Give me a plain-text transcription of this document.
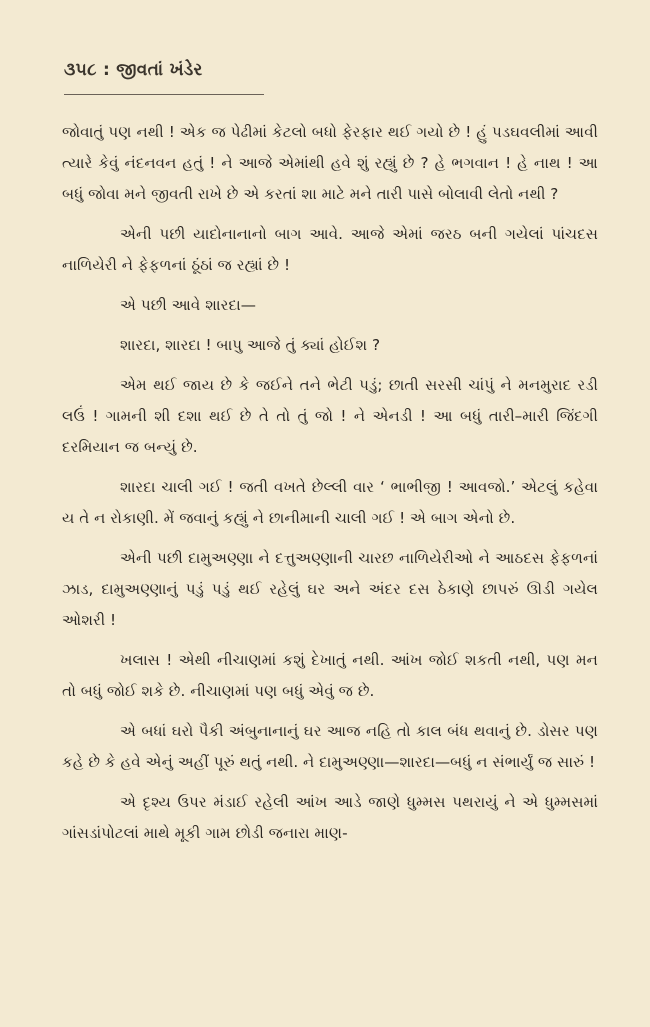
૩૫૮ : જીવતાં ખંડેર

જોવાતું પણ નથી ! એક જ પેઢીમાં કેટલો બધો ફેરફાર થઈ ગયો છે ! હું પડઘવલીમાં આવી ત્યારે કેવું નંદનવન હતું ! ને આજે એમાંથી હવે શું રહ્યું છે ? હે ભગવાન ! હે નાથ ! આ બધું જોવા મને જીવતી રાખે છે એ કરતાં શા માટે મને તારી પાસે બોલાવી લેતો નથી ?

એની પછી યાદોનાનાનો બાગ આવે. આજે એમાં જરઠ બની ગયેલાં પાંચદસ નાળિયેરી ને ફેફળનાં ઠૂંઠાં જ રહ્યાં છે !

એ પછી આવે શારદા—

શારદા, શારદા ! બાપુ આજે તું ક્યાં હોઈશ ?

એમ થઈ જાય છે કે જઈને તને ભેટી પડું; છાતી સરસી ચાંપું ને મનમુરાદ રડી લઉં ! ગામની શી દશા થઈ છે તે તો તું જો ! ને એનડી ! આ બધું તારી–મારી જિંદગી દરમિયાન જ બન્યું છે.

શારદા ચાલી ગઈ ! જતી વખતે છેલ્લી વાર ‘ ભાભીજી ! આવજો.’ એટલું કહેવા ય તે ન રોકાણી. મેં જવાનું કહ્યું ને છાનીમાની ચાલી ગઈ ! એ બાગ એનો છે.

એની પછી દામુઅણ્ણા ને દત્તુઅણ્ણાની ચારછ નાળિયેરીઓ ને આઠદસ ફેફળનાં ઝાડ, દામુઅણ્ણાનું પડું પડું થઈ રહેલું ઘર અને અંદર દસ ઠેકાણે છાપરું ઊડી ગયેલ ઓશરી !

ખલાસ ! એથી નીચાણમાં કશું દેખાતું નથી. આંખ જોઈ શકતી નથી, પણ મન તો બધું જોઈ શકે છે. નીચાણમાં પણ બધું એવું જ છે.

એ બધાં ઘરો પૈકી અંબુનાનાનું ઘર આજ નહિ તો કાલ બંધ થવાનું છે. ડોસર પણ કહે છે કે હવે એનું અહીં પૂરું થતું નથી. ને દામુઅણ્ણા—શારદા—બધું ન સંભાર્યું જ સારું !

એ દૃશ્ય ઉપર મંડાઈ રહેલી આંખ આડે જાણે ધુમ્મસ પથરાયું ને એ ધુમ્મસમાં ગાંસડાંપોટલાં માથે મૂકી ગામ છોડી જનારા માણ-
